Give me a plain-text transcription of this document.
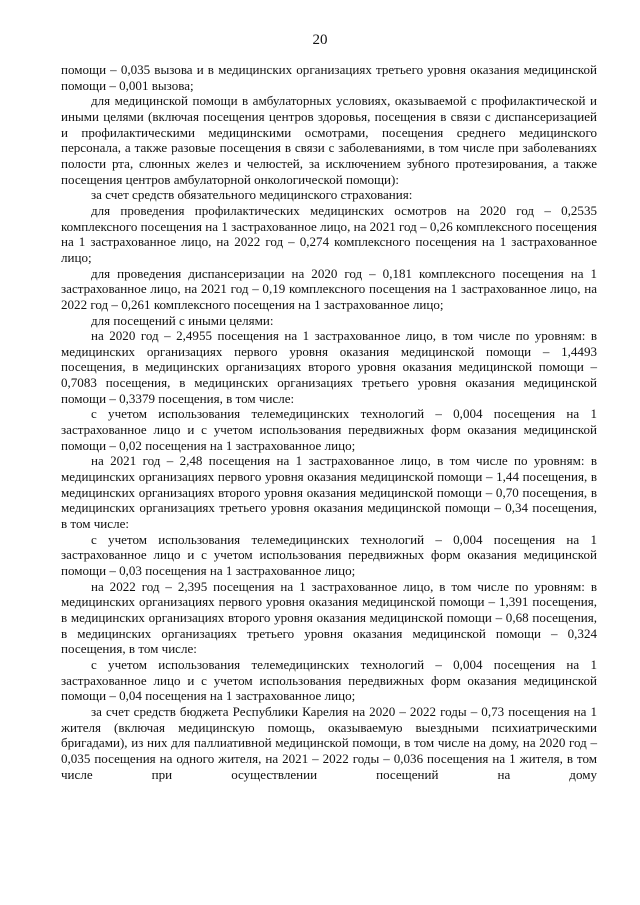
20

помощи – 0,035 вызова и в медицинских организациях третьего уровня оказания медицинской помощи – 0,001 вызова;

для медицинской помощи в амбулаторных условиях, оказываемой с профилактической и иными целями (включая посещения центров здоровья, посещения в связи с диспансеризацией и профилактическими медицинскими осмотрами, посещения среднего медицинского персонала, а также разовые посещения в связи с заболеваниями, в том числе при заболеваниях полости рта, слюнных желез и челюстей, за исключением зубного протезирования, а также посещения центров амбулаторной онкологической помощи):

за счет средств обязательного медицинского страхования:

для проведения профилактических медицинских осмотров на 2020 год – 0,2535 комплексного посещения на 1 застрахованное лицо, на 2021 год – 0,26 комплексного посещения на 1 застрахованное лицо, на 2022 год – 0,274 комплексного посещения на 1 застрахованное лицо;

для проведения диспансеризации на 2020 год – 0,181 комплексного посещения на 1 застрахованное лицо, на 2021 год – 0,19 комплексного посещения на 1 застрахованное лицо, на 2022 год – 0,261 комплексного посещения на 1 застрахованное лицо;

для посещений с иными целями:

на 2020 год – 2,4955 посещения на 1 застрахованное лицо, в том числе по уровням: в медицинских организациях первого уровня оказания медицинской помощи – 1,4493 посещения, в медицинских организациях второго уровня оказания медицинской помощи – 0,7083 посещения, в медицинских организациях третьего уровня оказания медицинской помощи – 0,3379 посещения, в том числе:

с учетом использования телемедицинских технологий – 0,004 посещения на 1 застрахованное лицо и с учетом использования передвижных форм оказания медицинской помощи – 0,02 посещения на 1 застрахованное лицо;

на 2021 год – 2,48 посещения на 1 застрахованное лицо, в том числе по уровням: в медицинских организациях первого уровня оказания медицинской помощи – 1,44 посещения, в медицинских организациях второго уровня оказания медицинской помощи – 0,70 посещения, в медицинских организациях третьего уровня оказания медицинской помощи – 0,34 посещения, в том числе:

с учетом использования телемедицинских технологий – 0,004 посещения на 1 застрахованное лицо и с учетом использования передвижных форм оказания медицинской помощи – 0,03 посещения на 1 застрахованное лицо;

на 2022 год – 2,395 посещения на 1 застрахованное лицо, в том числе по уровням: в медицинских организациях первого уровня оказания медицинской помощи – 1,391 посещения, в медицинских организациях второго уровня оказания медицинской помощи – 0,68 посещения, в медицинских организациях третьего уровня оказания медицинской помощи – 0,324 посещения, в том числе:

с учетом использования телемедицинских технологий – 0,004 посещения на 1 застрахованное лицо и с учетом использования передвижных форм оказания медицинской помощи – 0,04 посещения на 1 застрахованное лицо;

за счет средств бюджета Республики Карелия на 2020 – 2022 годы – 0,73 посещения на 1 жителя (включая медицинскую помощь, оказываемую выездными психиатрическими бригадами), из них для паллиативной медицинской помощи, в том числе на дому, на 2020 год – 0,035 посещения на одного жителя, на 2021 – 2022 годы – 0,036 посещения на 1 жителя, в том числе при осуществлении посещений на дому
